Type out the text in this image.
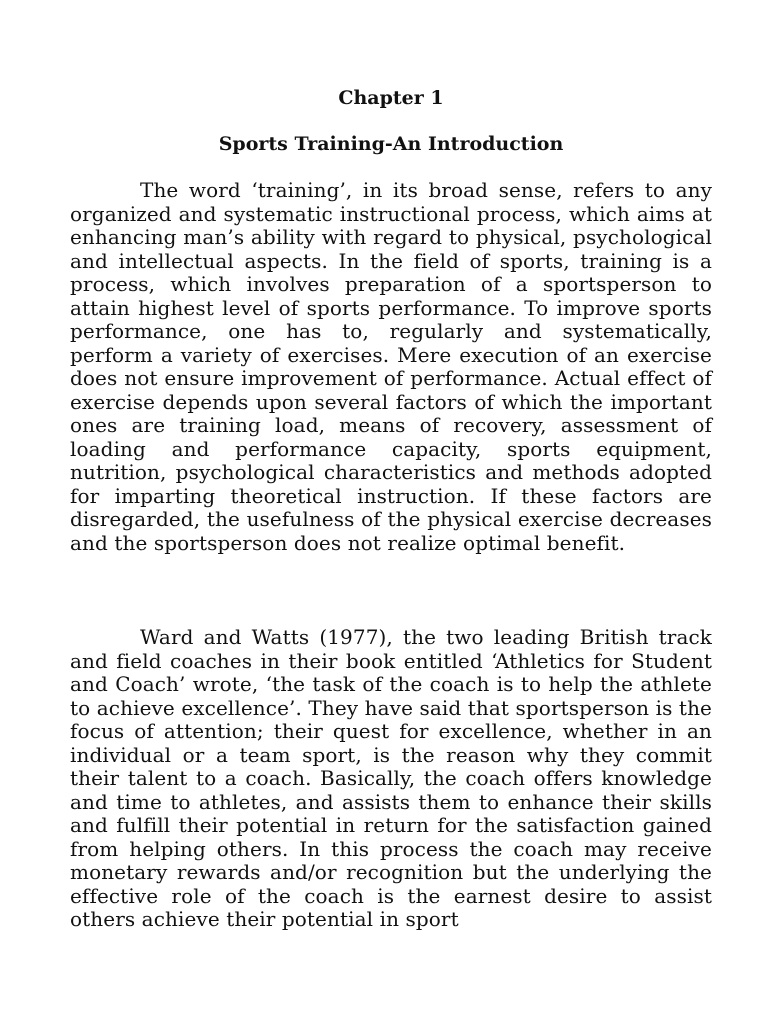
Chapter 1
Sports Training-An Introduction

The word ‘training’, in its broad sense, refers to any organized and systematic instructional process, which aims at enhancing man’s ability with regard to physical, psychological and intellectual aspects. In the field of sports, training is a process, which involves preparation of a sportsperson to attain highest level of sports performance. To improve sports performance, one has to, regularly and systematically, perform a variety of exercises. Mere execution of an exercise does not ensure improvement of performance. Actual effect of exercise depends upon several factors of which the important ones are training load, means of recovery, assessment of loading and performance capacity, sports equipment, nutrition, psychological characteristics and methods adopted for imparting theoretical instruction. If these factors are disregarded, the usefulness of the physical exercise decreases and the sportsperson does not realize optimal benefit.

Ward and Watts (1977), the two leading British track and field coaches in their book entitled ‘Athletics for Student and Coach’ wrote, ‘the task of the coach is to help the athlete to achieve excellence’. They have said that sportsperson is the focus of attention; their quest for excellence, whether in an individual or a team sport, is the reason why they commit their talent to a coach. Basically, the coach offers knowledge and time to athletes, and assists them to enhance their skills and fulfill their potential in return for the satisfaction gained from helping others. In this process the coach may receive monetary rewards and/or recognition but the underlying the effective role of the coach is the earnest desire to assist others achieve their potential in sport
